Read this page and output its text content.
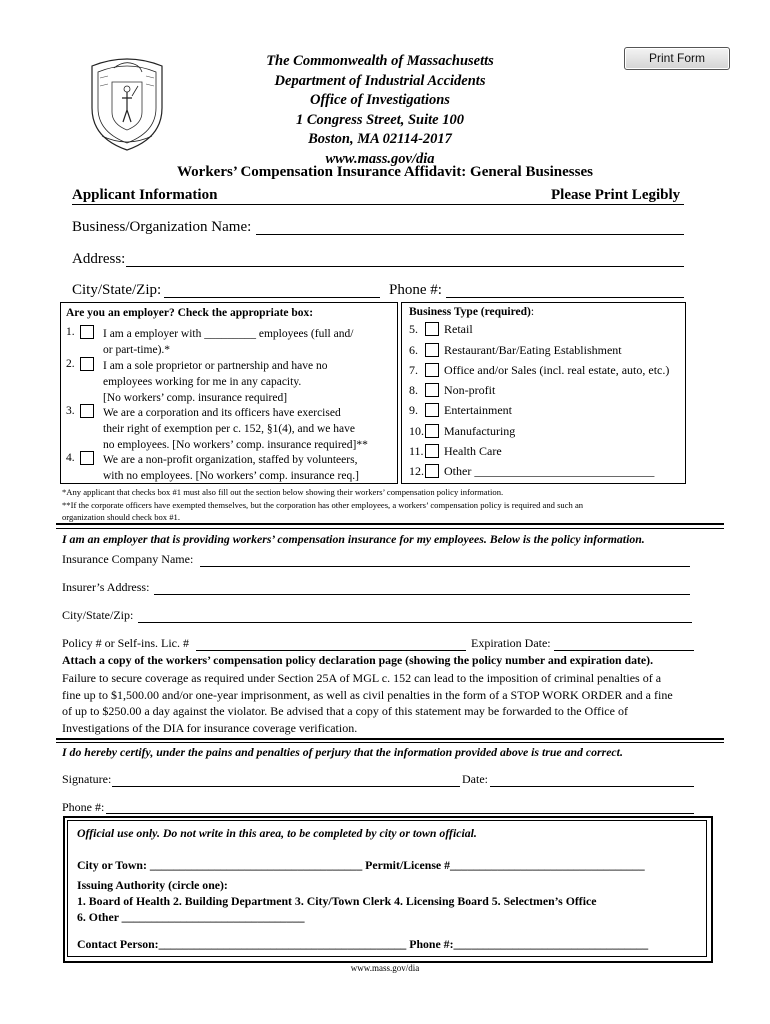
Print Form
The Commonwealth of Massachusetts
Department of Industrial Accidents
Office of Investigations
1 Congress Street, Suite 100
Boston, MA 02114-2017
www.mass.gov/dia
Workers’ Compensation Insurance Affidavit: General Businesses
Applicant Information	Please Print Legibly
Business/Organization Name:
Address:
City/State/Zip:	Phone #:
Are you an employer? Check the appropriate box:
1. I am a employer with _________ employees (full and/
or part-time).*
2. I am a sole proprietor or partnership and have no
employees working for me in any capacity.
[No workers’ comp. insurance required]
3. We are a corporation and its officers have exercised
their right of exemption per c. 152, §1(4), and we have
no employees. [No workers’ comp. insurance required]**
4. We are a non-profit organization, staffed by volunteers,
with no employees. [No workers’ comp. insurance req.]
Business Type (required):
5. Retail
6. Restaurant/Bar/Eating Establishment
7. Office and/or Sales (incl. real estate, auto, etc.)
8. Non-profit
9. Entertainment
10. Manufacturing
11. Health Care
12. Other ______________________________
*Any applicant that checks box #1 must also fill out the section below showing their workers’ compensation policy information.
**If the corporate officers have exempted themselves, but the corporation has other employees, a workers’ compensation policy is required and such an
organization should check box #1.
I am an employer that is providing workers’ compensation insurance for my employees. Below is the policy information.
Insurance Company Name:
Insurer’s Address:
City/State/Zip:
Policy # or Self-ins. Lic. #	Expiration Date:
Attach a copy of the workers’ compensation policy declaration page (showing the policy number and expiration date).
Failure to secure coverage as required under Section 25A of MGL c. 152 can lead to the imposition of criminal penalties of a
fine up to $1,500.00 and/or one-year imprisonment, as well as civil penalties in the form of a STOP WORK ORDER and a fine
of up to $250.00 a day against the violator. Be advised that a copy of this statement may be forwarded to the Office of
Investigations of the DIA for insurance coverage verification.
I do hereby certify, under the pains and penalties of perjury that the information provided above is true and correct.
Signature:	Date:
Phone #:
Official use only. Do not write in this area, to be completed by city or town official.
City or Town: ____________________________________ Permit/License #_________________________________
Issuing Authority (circle one):
1. Board of Health 2. Building Department 3. City/Town Clerk 4. Licensing Board 5. Selectmen’s Office
6. Other _______________________________
Contact Person:__________________________________________ Phone #:_________________________________
www.mass.gov/dia
